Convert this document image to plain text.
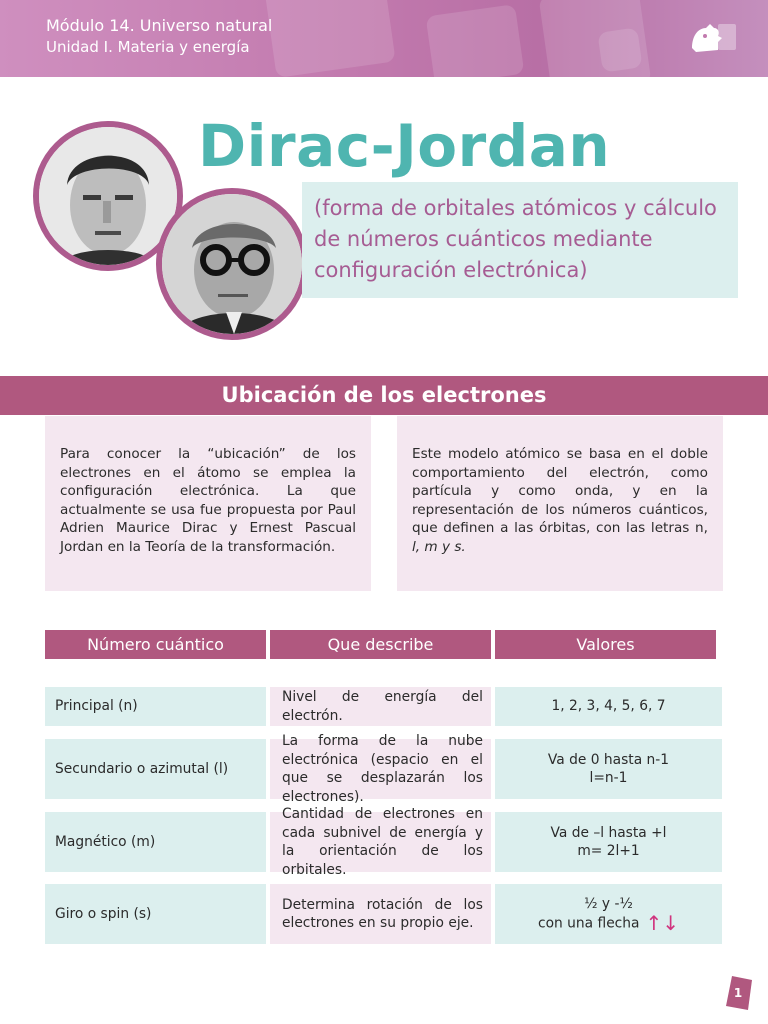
Módulo 14. Universo natural
Unidad I. Materia y energía
Dirac-Jordan
(forma de orbitales atómicos y cálculo de números cuánticos mediante configuración electrónica)
Ubicación de los electrones
Para conocer la “ubicación” de los electrones en el átomo se emplea la configuración electrónica. La que actualmente se usa fue propuesta por Paul Adrien Maurice Dirac y Ernest Pascual Jordan en la Teoría de la transformación.
Este modelo atómico se basa en el doble comportamiento del electrón, como partícula y como onda, y en la representación de los números cuánticos, que definen a las órbitas, con las letras n, l, m y s.
Número cuántico	Que describe	Valores
Principal (n)
Nivel de energía del electrón.
1, 2, 3, 4, 5, 6, 7
Secundario o azimutal (l)
La forma de la nube electrónica (espacio en el que se desplazarán los electrones).
Va de 0 hasta n-1
l=n-1
Magnético (m)
Cantidad de electrones en cada subnivel de energía y la orientación de los orbitales.
Va de –l hasta +l
m= 2l+1
Giro o spin (s)
Determina rotación de los electrones en su propio eje.
½ y -½
con una flecha ↑↓
1
